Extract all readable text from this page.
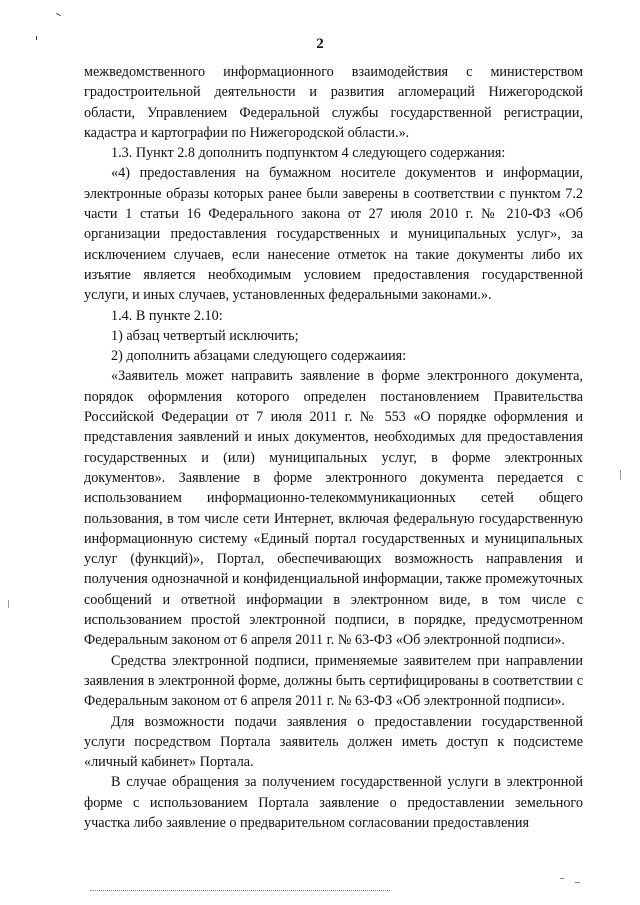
2

межведомственного информационного взаимодействия с министерством градостроительной деятельности и развития агломераций Нижегородской области, Управлением Федеральной службы государственной регистрации, кадастра и картографии по Нижегородской области.».

1.3. Пункт 2.8 дополнить подпунктом 4 следующего содержания:

«4) предоставления на бумажном носителе документов и информации, электронные образы которых ранее были заверены в соответствии с пунктом 7.2 части 1 статьи 16 Федерального закона от 27 июля 2010 г. № 210-ФЗ «Об организации предоставления государственных и муниципальных услуг», за исключением случаев, если нанесение отметок на такие документы либо их изъятие является необходимым условием предоставления государственной услуги, и иных случаев, установленных федеральными законами.».

1.4. В пункте 2.10:

1) абзац четвертый исключить;

2) дополнить абзацами следующего содержаиия:

«Заявитель может направить заявление в форме электронного документа, порядок оформления которого определен постановлением Правительства Российской Федерации от 7 июля 2011 г. № 553 «О порядке оформления и представления заявлений и иных документов, необходимых для предоставления государственных и (или) муниципальных услуг, в форме электронных документов». Заявление в форме электронного документа передается с использованием информационно-телекоммуникационных сетей общего пользования, в том числе сети Интернет, включая федеральную государственную информационную систему «Единый портал государственных и муниципальных услуг (функций)», Портал, обеспечивающих возможность направления и получения однозначной и конфиденциальной информации, также промежуточных сообщений и ответной информации в электронном виде, в том числе с использованием простой электронной подписи, в порядке, предусмотренном Федеральным законом от 6 апреля 2011 г. № 63-ФЗ «Об электронной подписи».

Средства электронной подписи, применяемые заявителем при направлении заявления в электронной форме, должны быть сертифицированы в соответствии с Федеральным законом от 6 апреля 2011 г. № 63-ФЗ «Об электронной подписи».

Для возможности подачи заявления о предоставлении государственной услуги посредством Портала заявитель должен иметь доступ к подсистеме «личный кабинет» Портала.

В случае обращения за получением государственной услуги в электронной форме с использованием Портала заявление о предоставлении земельного участка либо заявление о предварительном согласовании предоставления
